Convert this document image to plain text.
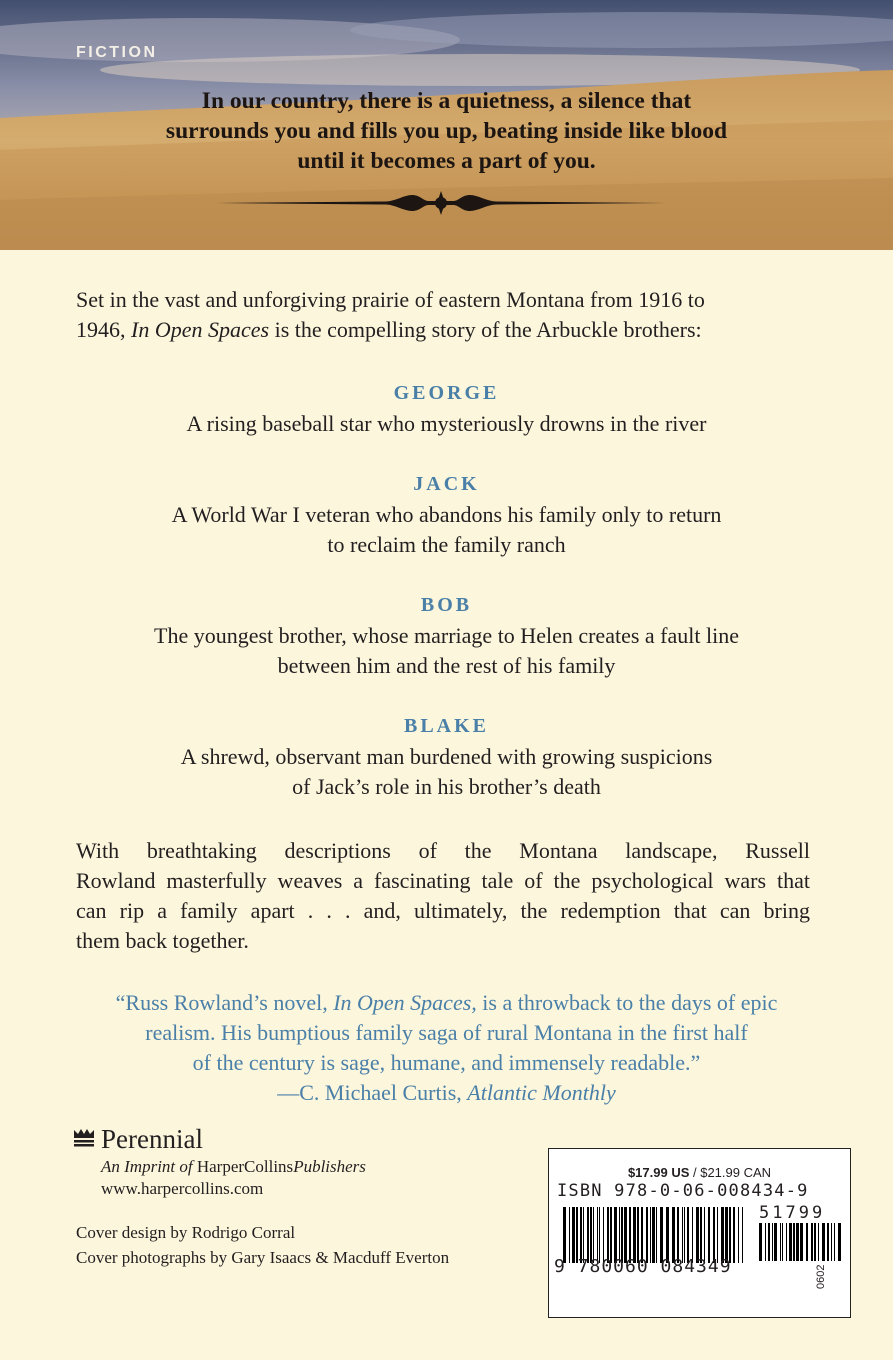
FICTION

In our country, there is a quietness, a silence that
surrounds you and fills you up, beating inside like blood
until it becomes a part of you.

Set in the vast and unforgiving prairie of eastern Montana from 1916 to
1946, In Open Spaces is the compelling story of the Arbuckle brothers:

GEORGE

A rising baseball star who mysteriously drowns in the river

JACK

A World War I veteran who abandons his family only to return
to reclaim the family ranch

BOB

The youngest brother, whose marriage to Helen creates a fault line
between him and the rest of his family

BLAKE

A shrewd, observant man burdened with growing suspicions
of Jack’s role in his brother’s death

With breathtaking descriptions of the Montana landscape, Russell
Rowland masterfully weaves a fascinating tale of the psychological wars that
can rip a family apart . . . and, ultimately, the redemption that can bring
them back together.

“Russ Rowland’s novel, In Open Spaces, is a throwback to the days of epic
realism. His bumptious family saga of rural Montana in the first half
of the century is sage, humane, and immensely readable.”
—C. Michael Curtis, Atlantic Monthly

Perennial
An Imprint of HarperCollinsPublishers
www.harpercollins.com
Cover design by Rodrigo Corral
Cover photographs by Gary Isaacs & Macduff Everton
$17.99 US / $21.99 CAN
ISBN 978-0-06-008434-9
51799
9 780060 084349	0602
